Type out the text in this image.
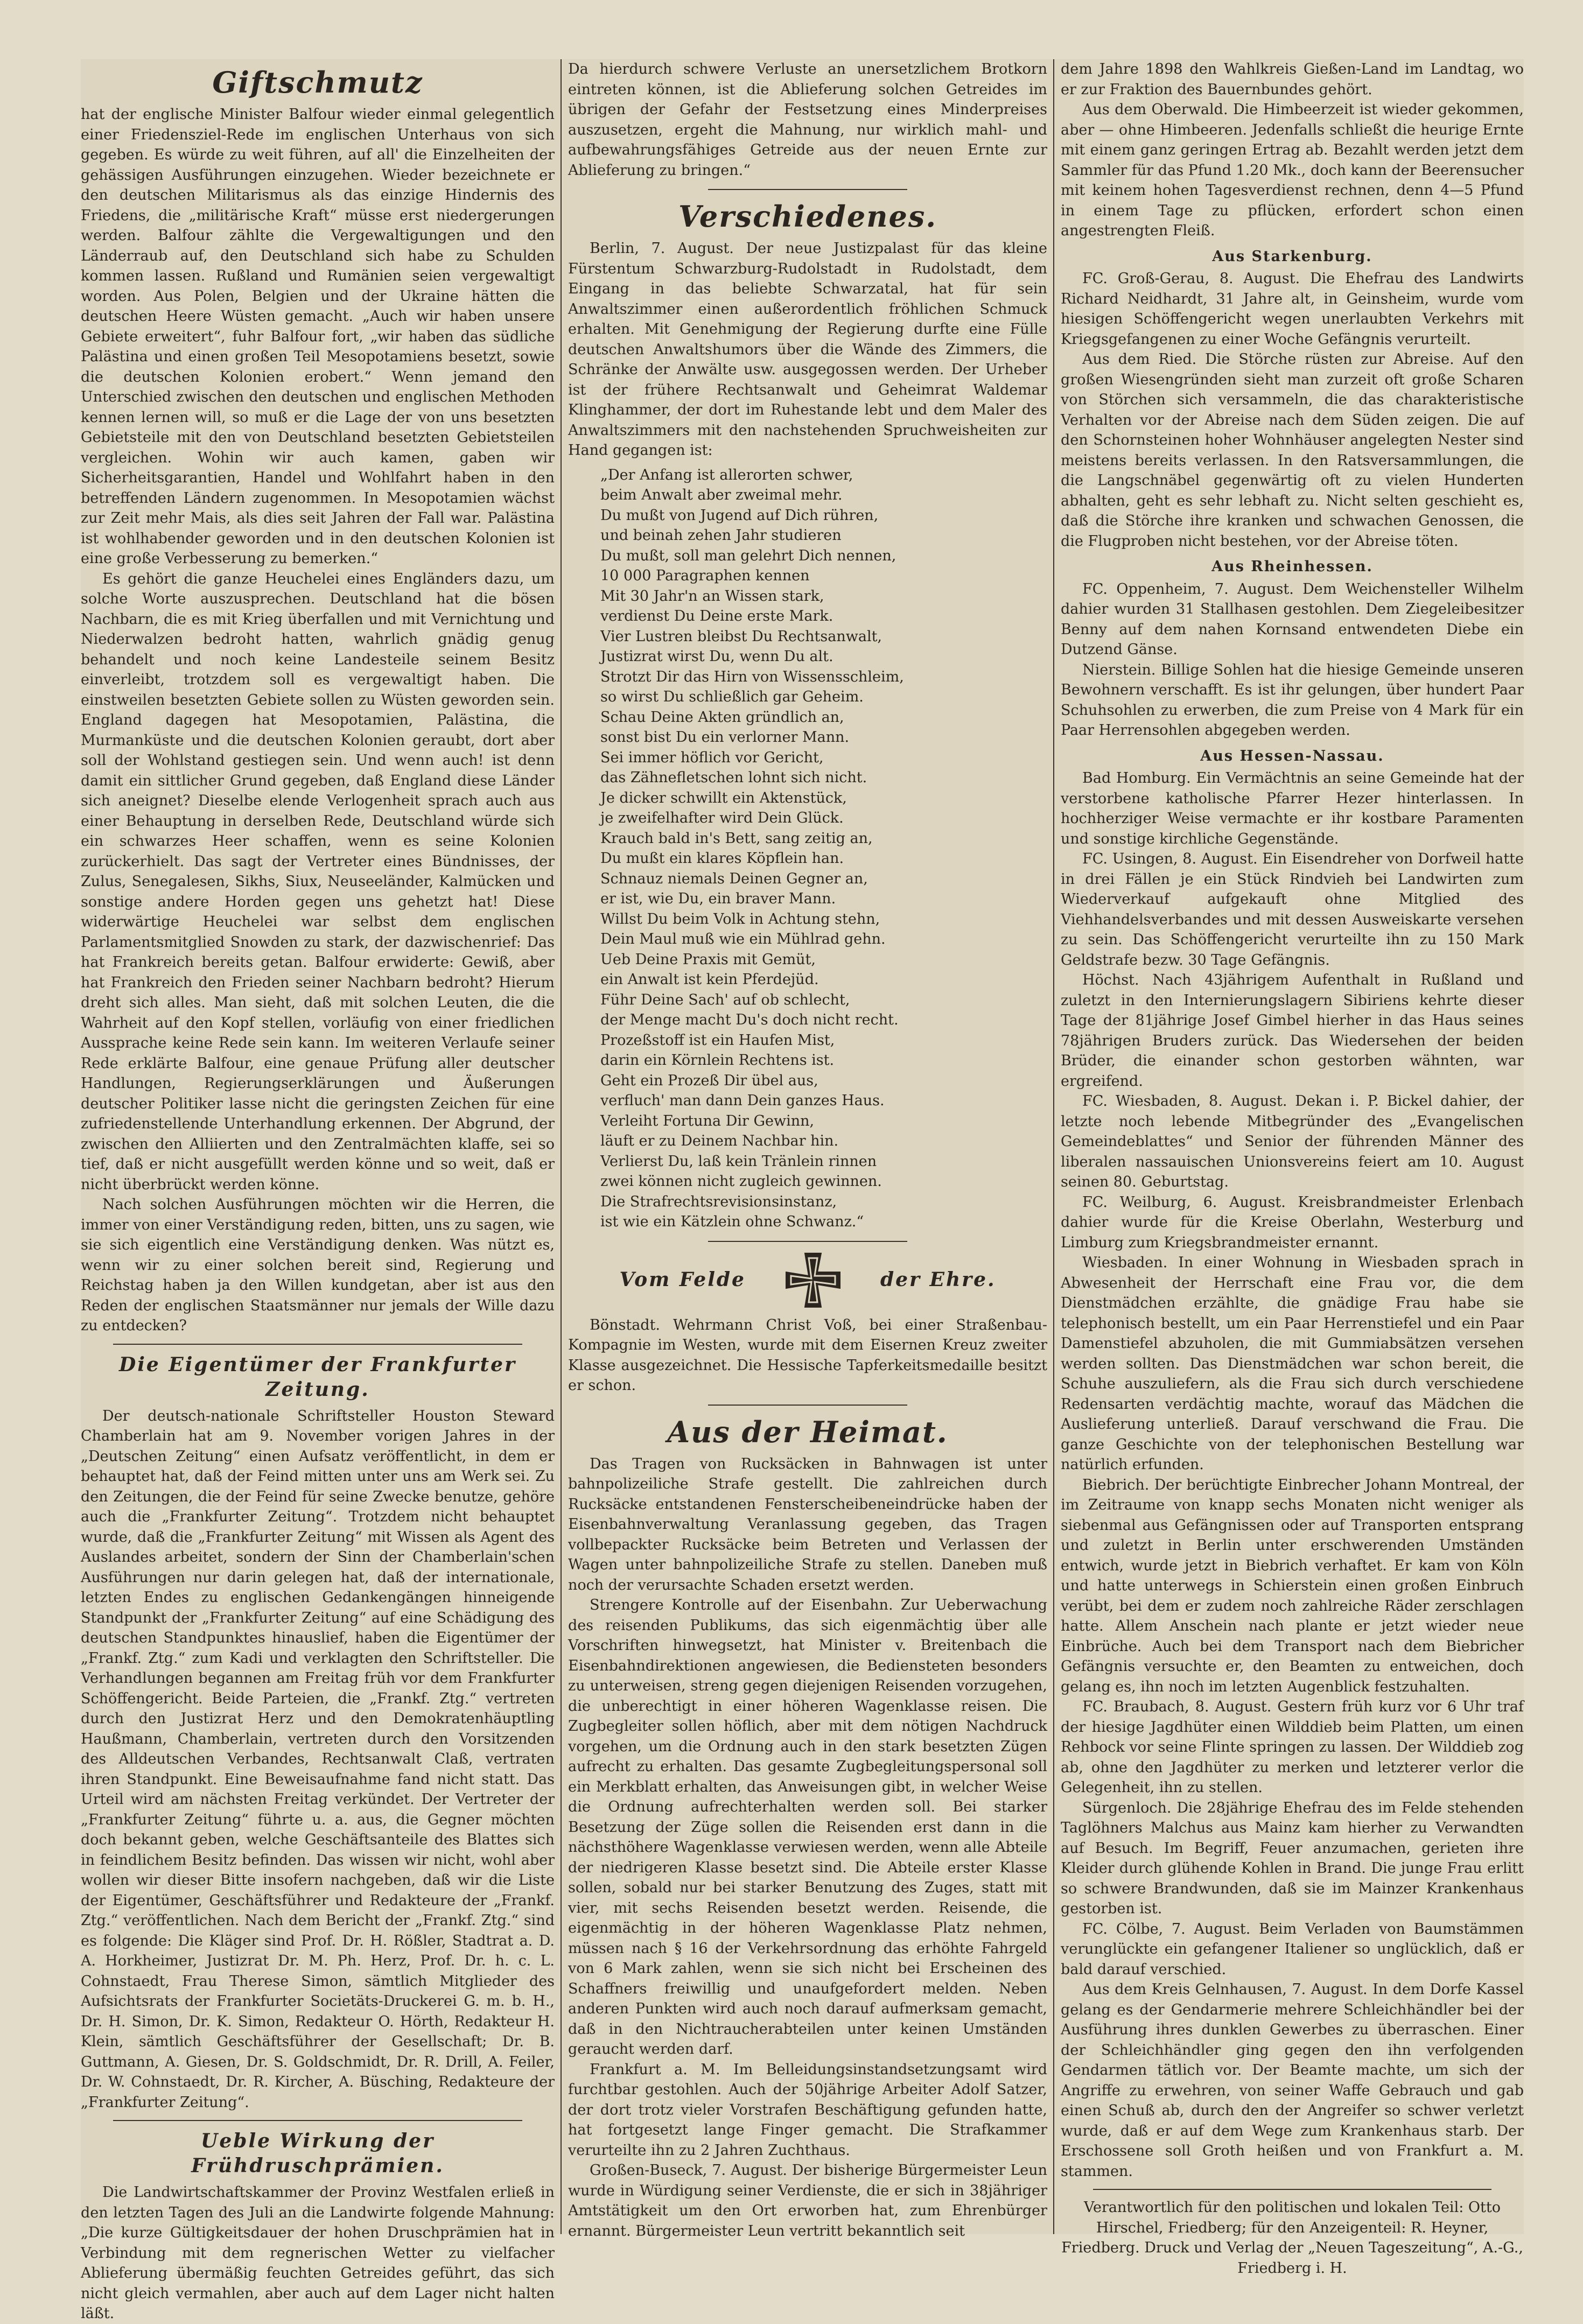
Giftschmutz

hat der englische Minister Balfour wieder einmal gelegentlich einer Friedensziel-Rede im englischen Unterhaus von sich gegeben. Es würde zu weit führen, auf all' die Einzelheiten der gehässigen Ausführungen einzugehen. Wieder bezeichnete er den deutschen Militarismus als das einzige Hindernis des Friedens, die „militärische Kraft“ müsse erst niedergerungen werden. Balfour zählte die Vergewaltigungen und den Länderraub auf, den Deutschland sich habe zu Schulden kommen lassen. Rußland und Rumänien seien vergewaltigt worden. Aus Polen, Belgien und der Ukraine hätten die deutschen Heere Wüsten gemacht. „Auch wir haben unsere Gebiete erweitert“, fuhr Balfour fort, „wir haben das südliche Palästina und einen großen Teil Mesopotamiens besetzt, sowie die deutschen Kolonien erobert.“ Wenn jemand den Unterschied zwischen den deutschen und englischen Methoden kennen lernen will, so muß er die Lage der von uns besetzten Gebietsteile mit den von Deutschland besetzten Gebietsteilen vergleichen. Wohin wir auch kamen, gaben wir Sicherheitsgarantien, Handel und Wohlfahrt haben in den betreffenden Ländern zugenommen. In Mesopotamien wächst zur Zeit mehr Mais, als dies seit Jahren der Fall war. Palästina ist wohlhabender geworden und in den deutschen Kolonien ist eine große Verbesserung zu bemerken.“

Es gehört die ganze Heuchelei eines Engländers dazu, um solche Worte auszusprechen. Deutschland hat die bösen Nachbarn, die es mit Krieg überfallen und mit Vernichtung und Niederwalzen bedroht hatten, wahrlich gnädig genug behandelt und noch keine Landesteile seinem Besitz einverleibt, trotzdem soll es vergewaltigt haben. Die einstweilen besetzten Gebiete sollen zu Wüsten geworden sein. England dagegen hat Mesopotamien, Palästina, die Murmanküste und die deutschen Kolonien geraubt, dort aber soll der Wohlstand gestiegen sein. Und wenn auch! ist denn damit ein sittlicher Grund gegeben, daß England diese Länder sich aneignet? Dieselbe elende Verlogenheit sprach auch aus einer Behauptung in derselben Rede, Deutschland würde sich ein schwarzes Heer schaffen, wenn es seine Kolonien zurückerhielt. Das sagt der Vertreter eines Bündnisses, der Zulus, Senegalesen, Sikhs, Siux, Neuseeländer, Kalmücken und sonstige andere Horden gegen uns gehetzt hat! Diese widerwärtige Heuchelei war selbst dem englischen Parlamentsmitglied Snowden zu stark, der dazwischenrief: Das hat Frankreich bereits getan. Balfour erwiderte: Gewiß, aber hat Frankreich den Frieden seiner Nachbarn bedroht? Hierum dreht sich alles. Man sieht, daß mit solchen Leuten, die die Wahrheit auf den Kopf stellen, vorläufig von einer friedlichen Aussprache keine Rede sein kann. Im weiteren Verlaufe seiner Rede erklärte Balfour, eine genaue Prüfung aller deutscher Handlungen, Regierungserklärungen und Äußerungen deutscher Politiker lasse nicht die geringsten Zeichen für eine zufriedenstellende Unterhandlung erkennen. Der Abgrund, der zwischen den Alliierten und den Zentralmächten klaffe, sei so tief, daß er nicht ausgefüllt werden könne und so weit, daß er nicht überbrückt werden könne.

Nach solchen Ausführungen möchten wir die Herren, die immer von einer Verständigung reden, bitten, uns zu sagen, wie sie sich eigentlich eine Verständigung denken. Was nützt es, wenn wir zu einer solchen bereit sind, Regierung und Reichstag haben ja den Willen kundgetan, aber ist aus den Reden der englischen Staatsmänner nur jemals der Wille dazu zu entdecken?

Die Eigentümer der Frankfurter Zeitung.

Der deutsch-nationale Schriftsteller Houston Steward Chamberlain hat am 9. November vorigen Jahres in der „Deutschen Zeitung“ einen Aufsatz veröffentlicht, in dem er behauptet hat, daß der Feind mitten unter uns am Werk sei. Zu den Zeitungen, die der Feind für seine Zwecke benutze, gehöre auch die „Frankfurter Zeitung“. Trotzdem nicht behauptet wurde, daß die „Frankfurter Zeitung“ mit Wissen als Agent des Auslandes arbeitet, sondern der Sinn der Chamberlain'schen Ausführungen nur darin gelegen hat, daß der internationale, letzten Endes zu englischen Gedankengängen hinneigende Standpunkt der „Frankfurter Zeitung“ auf eine Schädigung des deutschen Standpunktes hinauslief, haben die Eigentümer der „Frankf. Ztg.“ zum Kadi und verklagten den Schriftsteller. Die Verhandlungen begannen am Freitag früh vor dem Frankfurter Schöffengericht. Beide Parteien, die „Frankf. Ztg.“ vertreten durch den Justizrat Herz und den Demokratenhäuptling Haußmann, Chamberlain, vertreten durch den Vorsitzenden des Alldeutschen Verbandes, Rechtsanwalt Claß, vertraten ihren Standpunkt. Eine Beweisaufnahme fand nicht statt. Das Urteil wird am nächsten Freitag verkündet. Der Vertreter der „Frankfurter Zeitung“ führte u. a. aus, die Gegner möchten doch bekannt geben, welche Geschäftsanteile des Blattes sich in feindlichem Besitz befinden. Das wissen wir nicht, wohl aber wollen wir dieser Bitte insofern nachgeben, daß wir die Liste der Eigentümer, Geschäftsführer und Redakteure der „Frankf. Ztg.“ veröffentlichen. Nach dem Bericht der „Frankf. Ztg.“ sind es folgende: Die Kläger sind Prof. Dr. H. Rößler, Stadtrat a. D. A. Horkheimer, Justizrat Dr. M. Ph. Herz, Prof. Dr. h. c. L. Cohnstaedt, Frau Therese Simon, sämtlich Mitglieder des Aufsichtsrats der Frankfurter Societäts-Druckerei G. m. b. H., Dr. H. Simon, Dr. K. Simon, Redakteur O. Hörth, Redakteur H. Klein, sämtlich Geschäftsführer der Gesellschaft; Dr. B. Guttmann, A. Giesen, Dr. S. Goldschmidt, Dr. R. Drill, A. Feiler, Dr. W. Cohnstaedt, Dr. R. Kircher, A. Büsching, Redakteure der „Frankfurter Zeitung“.

Ueble Wirkung der Frühdruschprämien.

Die Landwirtschaftskammer der Provinz Westfalen erließ in den letzten Tagen des Juli an die Landwirte folgende Mahnung: „Die kurze Gültigkeitsdauer der hohen Druschprämien hat in Verbindung mit dem regnerischen Wetter zu vielfacher Ablieferung übermäßig feuchten Getreides geführt, das sich nicht gleich vermahlen, aber auch auf dem Lager nicht halten läßt.

Da hierdurch schwere Verluste an unersetzlichem Brotkorn eintreten können, ist die Ablieferung solchen Getreides im übrigen der Gefahr der Festsetzung eines Minderpreises auszusetzen, ergeht die Mahnung, nur wirklich mahl- und aufbewahrungsfähiges Getreide aus der neuen Ernte zur Ablieferung zu bringen.“

Verschiedenes.

Berlin, 7. August. Der neue Justizpalast für das kleine Fürstentum Schwarzburg-Rudolstadt in Rudolstadt, dem Eingang in das beliebte Schwarzatal, hat für sein Anwaltszimmer einen außerordentlich fröhlichen Schmuck erhalten. Mit Genehmigung der Regierung durfte eine Fülle deutschen Anwaltshumors über die Wände des Zimmers, die Schränke der Anwälte usw. ausgegossen werden. Der Urheber ist der frühere Rechtsanwalt und Geheimrat Waldemar Klinghammer, der dort im Ruhestande lebt und dem Maler des Anwaltszimmers mit den nachstehenden Spruchweisheiten zur Hand gegangen ist:

„Der Anfang ist allerorten schwer,
beim Anwalt aber zweimal mehr.
Du mußt von Jugend auf Dich rühren,
und beinah zehen Jahr studieren
Du mußt, soll man gelehrt Dich nennen,
10 000 Paragraphen kennen
Mit 30 Jahr'n an Wissen stark,
verdienst Du Deine erste Mark.
Vier Lustren bleibst Du Rechtsanwalt,
Justizrat wirst Du, wenn Du alt.
Strotzt Dir das Hirn von Wissensschleim,
so wirst Du schließlich gar Geheim.
Schau Deine Akten gründlich an,
sonst bist Du ein verlorner Mann.
Sei immer höflich vor Gericht,
das Zähnefletschen lohnt sich nicht.
Je dicker schwillt ein Aktenstück,
je zweifelhafter wird Dein Glück.
Krauch bald in's Bett, sang zeitig an,
Du mußt ein klares Köpflein han.
Schnauz niemals Deinen Gegner an,
er ist, wie Du, ein braver Mann.
Willst Du beim Volk in Achtung stehn,
Dein Maul muß wie ein Mühlrad gehn.
Ueb Deine Praxis mit Gemüt,
ein Anwalt ist kein Pferdejüd.
Führ Deine Sach' auf ob schlecht,
der Menge macht Du's doch nicht recht.
Prozeßstoff ist ein Haufen Mist,
darin ein Körnlein Rechtens ist.
Geht ein Prozeß Dir übel aus,
verfluch' man dann Dein ganzes Haus.
Verleiht Fortuna Dir Gewinn,
läuft er zu Deinem Nachbar hin.
Verlierst Du, laß kein Tränlein rinnen
zwei können nicht zugleich gewinnen.
Die Strafrechtsrevisionsinstanz,
ist wie ein Kätzlein ohne Schwanz.“
Vom Felde	der Ehre.

Bönstadt. Wehrmann Christ Voß, bei einer Straßenbau-Kompagnie im Westen, wurde mit dem Eisernen Kreuz zweiter Klasse ausgezeichnet. Die Hessische Tapferkeitsmedaille besitzt er schon.

Aus der Heimat.

Das Tragen von Rucksäcken in Bahnwagen ist unter bahnpolizeiliche Strafe gestellt. Die zahlreichen durch Rucksäcke entstandenen Fensterscheibeneindrücke haben der Eisenbahnverwaltung Veranlassung gegeben, das Tragen vollbepackter Rucksäcke beim Betreten und Verlassen der Wagen unter bahnpolizeiliche Strafe zu stellen. Daneben muß noch der verursachte Schaden ersetzt werden.

Strengere Kontrolle auf der Eisenbahn. Zur Ueberwachung des reisenden Publikums, das sich eigenmächtig über alle Vorschriften hinwegsetzt, hat Minister v. Breitenbach die Eisenbahndirektionen angewiesen, die Bediensteten besonders zu unterweisen, streng gegen diejenigen Reisenden vorzugehen, die unberechtigt in einer höheren Wagenklasse reisen. Die Zugbegleiter sollen höflich, aber mit dem nötigen Nachdruck vorgehen, um die Ordnung auch in den stark besetzten Zügen aufrecht zu erhalten. Das gesamte Zugbegleitungspersonal soll ein Merkblatt erhalten, das Anweisungen gibt, in welcher Weise die Ordnung aufrechterhalten werden soll. Bei starker Besetzung der Züge sollen die Reisenden erst dann in die nächsthöhere Wagenklasse verwiesen werden, wenn alle Abteile der niedrigeren Klasse besetzt sind. Die Abteile erster Klasse sollen, sobald nur bei starker Benutzung des Zuges, statt mit vier, mit sechs Reisenden besetzt werden. Reisende, die eigenmächtig in der höheren Wagenklasse Platz nehmen, müssen nach § 16 der Verkehrsordnung das erhöhte Fahrgeld von 6 Mark zahlen, wenn sie sich nicht bei Erscheinen des Schaffners freiwillig und unaufgefordert melden. Neben anderen Punkten wird auch noch darauf aufmerksam gemacht, daß in den Nichtraucherabteilen unter keinen Umständen geraucht werden darf.

Frankfurt a. M. Im Belleidungsinstandsetzungsamt wird furchtbar gestohlen. Auch der 50jährige Arbeiter Adolf Satzer, der dort trotz vieler Vorstrafen Beschäftigung gefunden hatte, hat fortgesetzt lange Finger gemacht. Die Strafkammer verurteilte ihn zu 2 Jahren Zuchthaus.

Großen-Buseck, 7. August. Der bisherige Bürgermeister Leun wurde in Würdigung seiner Verdienste, die er sich in 38jähriger Amtstätigkeit um den Ort erworben hat, zum Ehrenbürger ernannt. Bürgermeister Leun vertritt bekanntlich seit

dem Jahre 1898 den Wahlkreis Gießen-Land im Landtag, wo er zur Fraktion des Bauernbundes gehört.

Aus dem Oberwald. Die Himbeerzeit ist wieder gekommen, aber — ohne Himbeeren. Jedenfalls schließt die heurige Ernte mit einem ganz geringen Ertrag ab. Bezahlt werden jetzt dem Sammler für das Pfund 1.20 Mk., doch kann der Beerensucher mit keinem hohen Tagesverdienst rechnen, denn 4—5 Pfund in einem Tage zu pflücken, erfordert schon einen angestrengten Fleiß.

Aus Starkenburg.

FC. Groß-Gerau, 8. August. Die Ehefrau des Landwirts Richard Neidhardt, 31 Jahre alt, in Geinsheim, wurde vom hiesigen Schöffengericht wegen unerlaubten Verkehrs mit Kriegsgefangenen zu einer Woche Gefängnis verurteilt.

Aus dem Ried. Die Störche rüsten zur Abreise. Auf den großen Wiesengründen sieht man zurzeit oft große Scharen von Störchen sich versammeln, die das charakteristische Verhalten vor der Abreise nach dem Süden zeigen. Die auf den Schornsteinen hoher Wohnhäuser angelegten Nester sind meistens bereits verlassen. In den Ratsversammlungen, die die Langschnäbel gegenwärtig oft zu vielen Hunderten abhalten, geht es sehr lebhaft zu. Nicht selten geschieht es, daß die Störche ihre kranken und schwachen Genossen, die die Flugproben nicht bestehen, vor der Abreise töten.

Aus Rheinhessen.

FC. Oppenheim, 7. August. Dem Weichensteller Wilhelm dahier wurden 31 Stallhasen gestohlen. Dem Ziegeleibesitzer Benny auf dem nahen Kornsand entwendeten Diebe ein Dutzend Gänse.

Nierstein. Billige Sohlen hat die hiesige Gemeinde unseren Bewohnern verschafft. Es ist ihr gelungen, über hundert Paar Schuhsohlen zu erwerben, die zum Preise von 4 Mark für ein Paar Herrensohlen abgegeben werden.

Aus Hessen-Nassau.

Bad Homburg. Ein Vermächtnis an seine Gemeinde hat der verstorbene katholische Pfarrer Hezer hinterlassen. In hochherziger Weise vermachte er ihr kostbare Paramenten und sonstige kirchliche Gegenstände.

FC. Usingen, 8. August. Ein Eisendreher von Dorfweil hatte in drei Fällen je ein Stück Rindvieh bei Landwirten zum Wiederverkauf aufgekauft ohne Mitglied des Viehhandelsverbandes und mit dessen Ausweiskarte versehen zu sein. Das Schöffengericht verurteilte ihn zu 150 Mark Geldstrafe bezw. 30 Tage Gefängnis.

Höchst. Nach 43jährigem Aufenthalt in Rußland und zuletzt in den Internierungslagern Sibiriens kehrte dieser Tage der 81jährige Josef Gimbel hierher in das Haus seines 78jährigen Bruders zurück. Das Wiedersehen der beiden Brüder, die einander schon gestorben wähnten, war ergreifend.

FC. Wiesbaden, 8. August. Dekan i. P. Bickel dahier, der letzte noch lebende Mitbegründer des „Evangelischen Gemeindeblattes“ und Senior der führenden Männer des liberalen nassauischen Unionsvereins feiert am 10. August seinen 80. Geburtstag.

FC. Weilburg, 6. August. Kreisbrandmeister Erlenbach dahier wurde für die Kreise Oberlahn, Westerburg und Limburg zum Kriegsbrandmeister ernannt.

Wiesbaden. In einer Wohnung in Wiesbaden sprach in Abwesenheit der Herrschaft eine Frau vor, die dem Dienstmädchen erzählte, die gnädige Frau habe sie telephonisch bestellt, um ein Paar Herrenstiefel und ein Paar Damenstiefel abzuholen, die mit Gummiabsätzen versehen werden sollten. Das Dienstmädchen war schon bereit, die Schuhe auszuliefern, als die Frau sich durch verschiedene Redensarten verdächtig machte, worauf das Mädchen die Auslieferung unterließ. Darauf verschwand die Frau. Die ganze Geschichte von der telephonischen Bestellung war natürlich erfunden.

Biebrich. Der berüchtigte Einbrecher Johann Montreal, der im Zeitraume von knapp sechs Monaten nicht weniger als siebenmal aus Gefängnissen oder auf Transporten entsprang und zuletzt in Berlin unter erschwerenden Umständen entwich, wurde jetzt in Biebrich verhaftet. Er kam von Köln und hatte unterwegs in Schierstein einen großen Einbruch verübt, bei dem er zudem noch zahlreiche Räder zerschlagen hatte. Allem Anschein nach plante er jetzt wieder neue Einbrüche. Auch bei dem Transport nach dem Biebricher Gefängnis versuchte er, den Beamten zu entweichen, doch gelang es, ihn noch im letzten Augenblick festzuhalten.

FC. Braubach, 8. August. Gestern früh kurz vor 6 Uhr traf der hiesige Jagdhüter einen Wilddieb beim Platten, um einen Rehbock vor seine Flinte springen zu lassen. Der Wilddieb zog ab, ohne den Jagdhüter zu merken und letzterer verlor die Gelegenheit, ihn zu stellen.

Sürgenloch. Die 28jährige Ehefrau des im Felde stehenden Taglöhners Malchus aus Mainz kam hierher zu Verwandten auf Besuch. Im Begriff, Feuer anzumachen, gerieten ihre Kleider durch glühende Kohlen in Brand. Die junge Frau erlitt so schwere Brandwunden, daß sie im Mainzer Krankenhaus gestorben ist.

FC. Cölbe, 7. August. Beim Verladen von Baumstämmen verunglückte ein gefangener Italiener so unglücklich, daß er bald darauf verschied.

Aus dem Kreis Gelnhausen, 7. August. In dem Dorfe Kassel gelang es der Gendarmerie mehrere Schleichhändler bei der Ausführung ihres dunklen Gewerbes zu überraschen. Einer der Schleichhändler ging gegen den ihn verfolgenden Gendarmen tätlich vor. Der Beamte machte, um sich der Angriffe zu erwehren, von seiner Waffe Gebrauch und gab einen Schuß ab, durch den der Angreifer so schwer verletzt wurde, daß er auf dem Wege zum Krankenhaus starb. Der Erschossene soll Groth heißen und von Frankfurt a. M. stammen.

Verantwortlich für den politischen und lokalen Teil: Otto Hirschel, Friedberg; für den Anzeigenteil: R. Heyner, Friedberg. Druck und Verlag der „Neuen Tageszeitung“, A.-G., Friedberg i. H.
